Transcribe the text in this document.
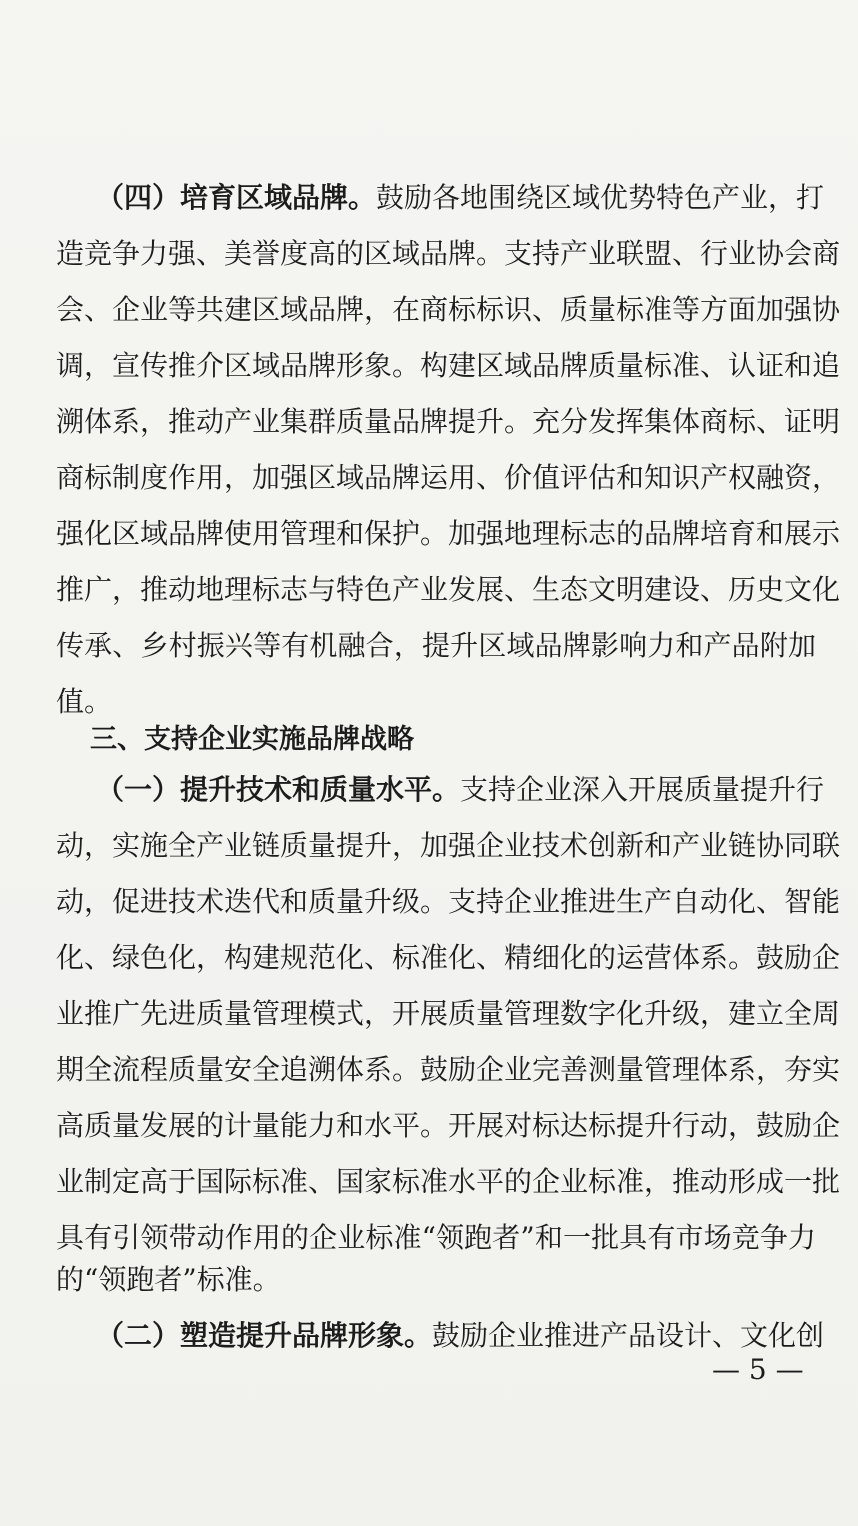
（四）培育区域品牌。鼓励各地围绕区域优势特色产业，打
造竞争力强、美誉度高的区域品牌。支持产业联盟、行业协会商
会、企业等共建区域品牌，在商标标识、质量标准等方面加强协
调，宣传推介区域品牌形象。构建区域品牌质量标准、认证和追
溯体系，推动产业集群质量品牌提升。充分发挥集体商标、证明
商标制度作用，加强区域品牌运用、价值评估和知识产权融资，
强化区域品牌使用管理和保护。加强地理标志的品牌培育和展示
推广，推动地理标志与特色产业发展、生态文明建设、历史文化
传承、乡村振兴等有机融合，提升区域品牌影响力和产品附加
值。
三、支持企业实施品牌战略
（一）提升技术和质量水平。支持企业深入开展质量提升行
动，实施全产业链质量提升，加强企业技术创新和产业链协同联
动，促进技术迭代和质量升级。支持企业推进生产自动化、智能
化、绿色化，构建规范化、标准化、精细化的运营体系。鼓励企
业推广先进质量管理模式，开展质量管理数字化升级，建立全周
期全流程质量安全追溯体系。鼓励企业完善测量管理体系，夯实
高质量发展的计量能力和水平。开展对标达标提升行动，鼓励企
业制定高于国际标准、国家标准水平的企业标准，推动形成一批
具有引领带动作用的企业标准“领跑者”和一批具有市场竞争力
的“领跑者”标准。
（二）塑造提升品牌形象。鼓励企业推进产品设计、文化创
— 5 —
